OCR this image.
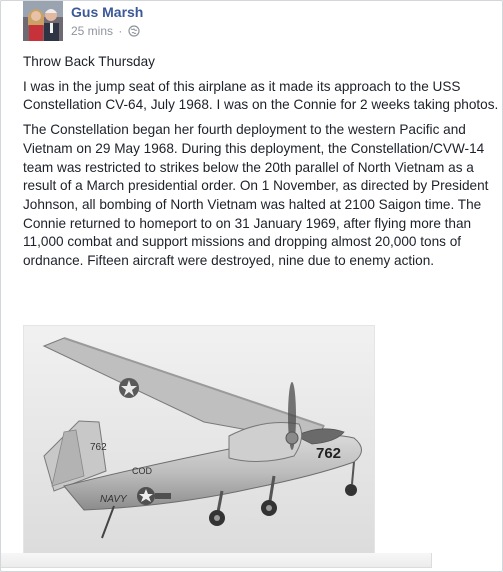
Gus Marsh
25 mins ·

Throw Back Thursday

I was in the jump seat of this airplane as it made its approach to the USS Constellation CV-64, July 1968. I was on the Connie for 2 weeks taking photos.

The Constellation began her fourth deployment to the western Pacific and Vietnam on 29 May 1968. During this deployment, the Constellation/CVW-14 team was restricted to strikes below the 20th parallel of North Vietnam as a result of a March presidential order. On 1 November, as directed by President Johnson, all bombing of North Vietnam was halted at 2100 Saigon time. The Connie returned to homeport to on 31 January 1969, after flying more than 11,000 combat and support missions and dropping almost 20,000 tons of ordnance. Fifteen aircraft were destroyed, nine due to enemy action.

762
NAVY
COD
762
